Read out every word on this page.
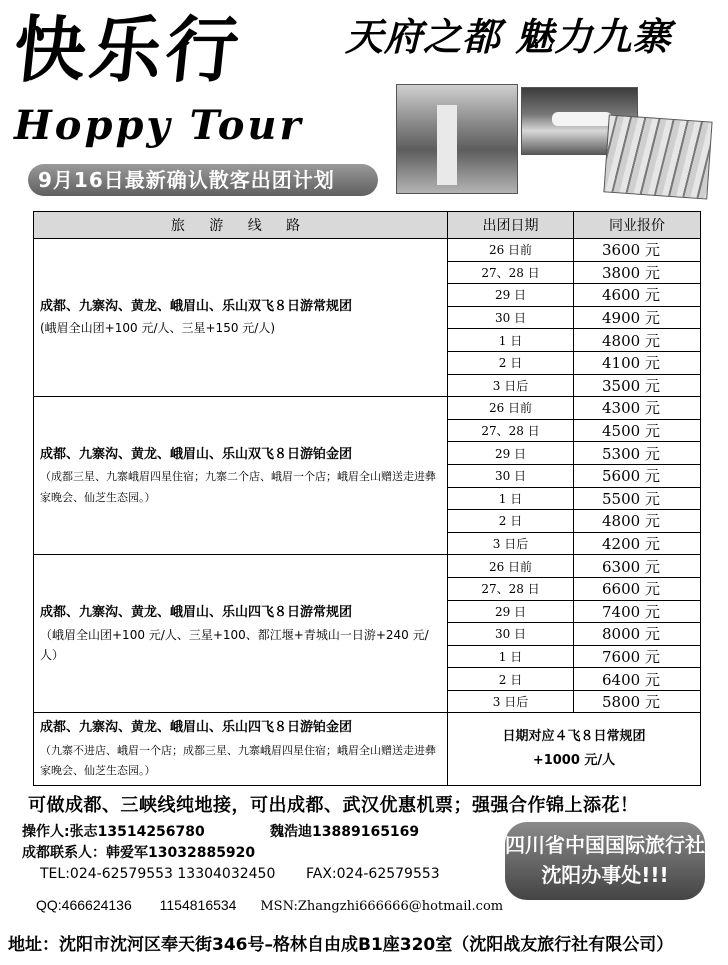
快乐行	天府之都 魅力九寨
Hoppy Tour
9月16日最新确认散客出团计划
旅 游 线 路	出团日期	同业报价
成都、九寨沟、黄龙、峨眉山、乐山双飞８日游常规团
(峨眉全山团+100 元/人、三星+150 元/人)	26 日前	3600 元
	27、28 日	3800 元
	29 日	4600 元
	30 日	4900 元
	1 日	4800 元
	2 日	4100 元
	3 日后	3500 元
成都、九寨沟、黄龙、峨眉山、乐山双飞８日游铂金团
（成都三星、九寨峨眉四星住宿；九寨二个店、峨眉一个店；峨眉全山赠送走进彝家晚会、仙芝生态园。）	26 日前	4300 元
	27、28 日	4500 元
	29 日	5300 元
	30 日	5600 元
	1 日	5500 元
	2 日	4800 元
	3 日后	4200 元
成都、九寨沟、黄龙、峨眉山、乐山四飞８日游常规团
（峨眉全山团+100 元/人、三星+100、都江堰+青城山一日游+240 元/人）	26 日前	6300 元
	27、28 日	6600 元
	29 日	7400 元
	30 日	8000 元
	1 日	7600 元
	2 日	6400 元
	3 日后	5800 元
成都、九寨沟、黄龙、峨眉山、乐山四飞８日游铂金团
（九寨不进店、峨眉一个店；成都三星、九寨峨眉四星住宿；峨眉全山赠送走进彝家晚会、仙芝生态园。）	日期对应４飞８日常规团
+1000 元/人	
可做成都、三峡线纯地接，可出成都、武汉优惠机票；强强合作锦上添花！
操作人:张志13514256780	魏浩迪13889165169
成都联系人：韩爱军13032885920
TEL:024-62579553 13304032450 FAX:024-62579553
QQ:466624136 1154816534 MSN:Zhangzhi666666@hotmail.com
四川省中国国际旅行社
沈阳办事处!!!
地址：沈阳市沈河区奉天街346号–格林自由成B1座320室（沈阳战友旅行社有限公司）
